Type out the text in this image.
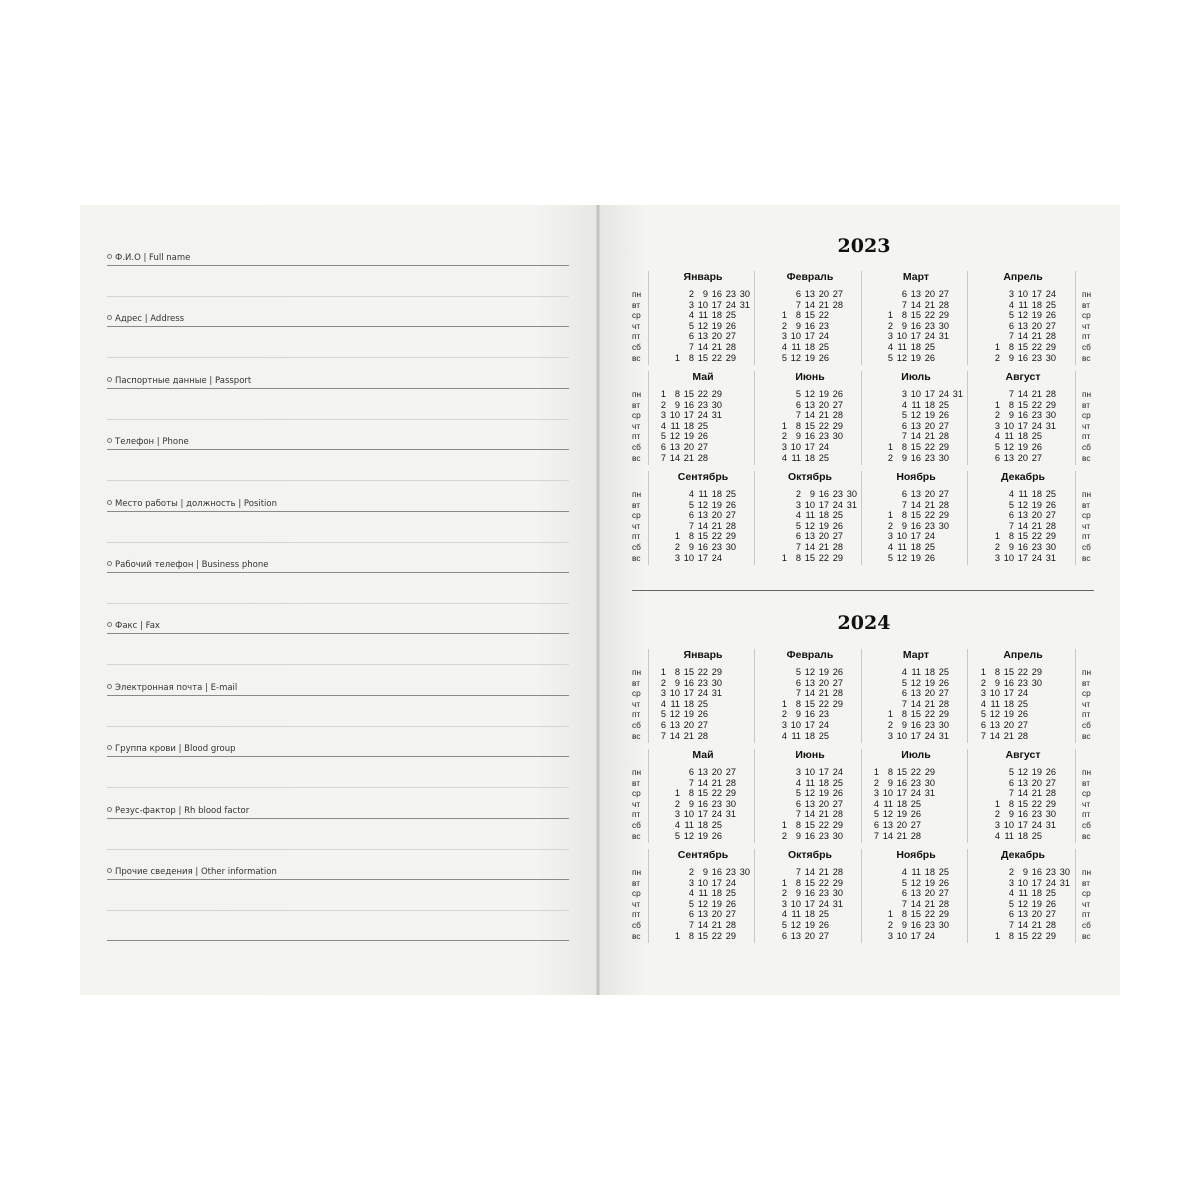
Ф.И.О | Full name
Адрес | Address
Паспортные данные | Passport
Телефон | Phone
Место работы | должность | Position
Рабочий телефон | Business phone
Факс | Fax
Электронная почта | E-mail
Группа крови | Blood group
Резус-фактор | Rh blood factor
Прочие сведения | Other information
2023
Январь
1
2
3
4
5
6
7
8
9
10
11
12
13
14
15
16
17
18
19
20
21
22
23
24
25
26
27
28
29
30
31
Февраль
1
2
3
4
5
6
7
8
9
10
11
12
13
14
15
16
17
18
19
20
21
22
23
24
25
26
27
28
Март
1
2
3
4
5
6
7
8
9
10
11
12
13
14
15
16
17
18
19
20
21
22
23
24
25
26
27
28
29
30
31
Апрель
1
2
3
4
5
6
7
8
9
10
11
12
13
14
15
16
17
18
19
20
21
22
23
24
25
26
27
28
29
30
Май
1
2
3
4
5
6
7
8
9
10
11
12
13
14
15
16
17
18
19
20
21
22
23
24
25
26
27
28
29
30
31
Июнь
1
2
3
4
5
6
7
8
9
10
11
12
13
14
15
16
17
18
19
20
21
22
23
24
25
26
27
28
29
30
Июль
1
2
3
4
5
6
7
8
9
10
11
12
13
14
15
16
17
18
19
20
21
22
23
24
25
26
27
28
29
30
31
Август
1
2
3
4
5
6
7
8
9
10
11
12
13
14
15
16
17
18
19
20
21
22
23
24
25
26
27
28
29
30
31
Сентябрь
1
2
3
4
5
6
7
8
9
10
11
12
13
14
15
16
17
18
19
20
21
22
23
24
25
26
27
28
29
30
Октябрь
1
2
3
4
5
6
7
8
9
10
11
12
13
14
15
16
17
18
19
20
21
22
23
24
25
26
27
28
29
30
31
Ноябрь
1
2
3
4
5
6
7
8
9
10
11
12
13
14
15
16
17
18
19
20
21
22
23
24
25
26
27
28
29
30
Декабрь
1
2
3
4
5
6
7
8
9
10
11
12
13
14
15
16
17
18
19
20
21
22
23
24
25
26
27
28
29
30
31
пн
вт
ср
чт
пт
сб
вс
пн
вт
ср
чт
пт
сб
вс
пн
вт
ср
чт
пт
сб
вс
пн
вт
ср
чт
пт
сб
вс
пн
вт
ср
чт
пт
сб
вс
пн
вт
ср
чт
пт
сб
вс
2024
Январь
1
2
3
4
5
6
7
8
9
10
11
12
13
14
15
16
17
18
19
20
21
22
23
24
25
26
27
28
29
30
31
Февраль
1
2
3
4
5
6
7
8
9
10
11
12
13
14
15
16
17
18
19
20
21
22
23
24
25
26
27
28
29
Март
1
2
3
4
5
6
7
8
9
10
11
12
13
14
15
16
17
18
19
20
21
22
23
24
25
26
27
28
29
30
31
Апрель
1
2
3
4
5
6
7
8
9
10
11
12
13
14
15
16
17
18
19
20
21
22
23
24
25
26
27
28
29
30
Май
1
2
3
4
5
6
7
8
9
10
11
12
13
14
15
16
17
18
19
20
21
22
23
24
25
26
27
28
29
30
31
Июнь
1
2
3
4
5
6
7
8
9
10
11
12
13
14
15
16
17
18
19
20
21
22
23
24
25
26
27
28
29
30
Июль
1
2
3
4
5
6
7
8
9
10
11
12
13
14
15
16
17
18
19
20
21
22
23
24
25
26
27
28
29
30
31
Август
1
2
3
4
5
6
7
8
9
10
11
12
13
14
15
16
17
18
19
20
21
22
23
24
25
26
27
28
29
30
31
Сентябрь
1
2
3
4
5
6
7
8
9
10
11
12
13
14
15
16
17
18
19
20
21
22
23
24
25
26
27
28
29
30
Октябрь
1
2
3
4
5
6
7
8
9
10
11
12
13
14
15
16
17
18
19
20
21
22
23
24
25
26
27
28
29
30
31
Ноябрь
1
2
3
4
5
6
7
8
9
10
11
12
13
14
15
16
17
18
19
20
21
22
23
24
25
26
27
28
29
30
Декабрь
1
2
3
4
5
6
7
8
9
10
11
12
13
14
15
16
17
18
19
20
21
22
23
24
25
26
27
28
29
30
31
пн
вт
ср
чт
пт
сб
вс
пн
вт
ср
чт
пт
сб
вс
пн
вт
ср
чт
пт
сб
вс
пн
вт
ср
чт
пт
сб
вс
пн
вт
ср
чт
пт
сб
вс
пн
вт
ср
чт
пт
сб
вс
